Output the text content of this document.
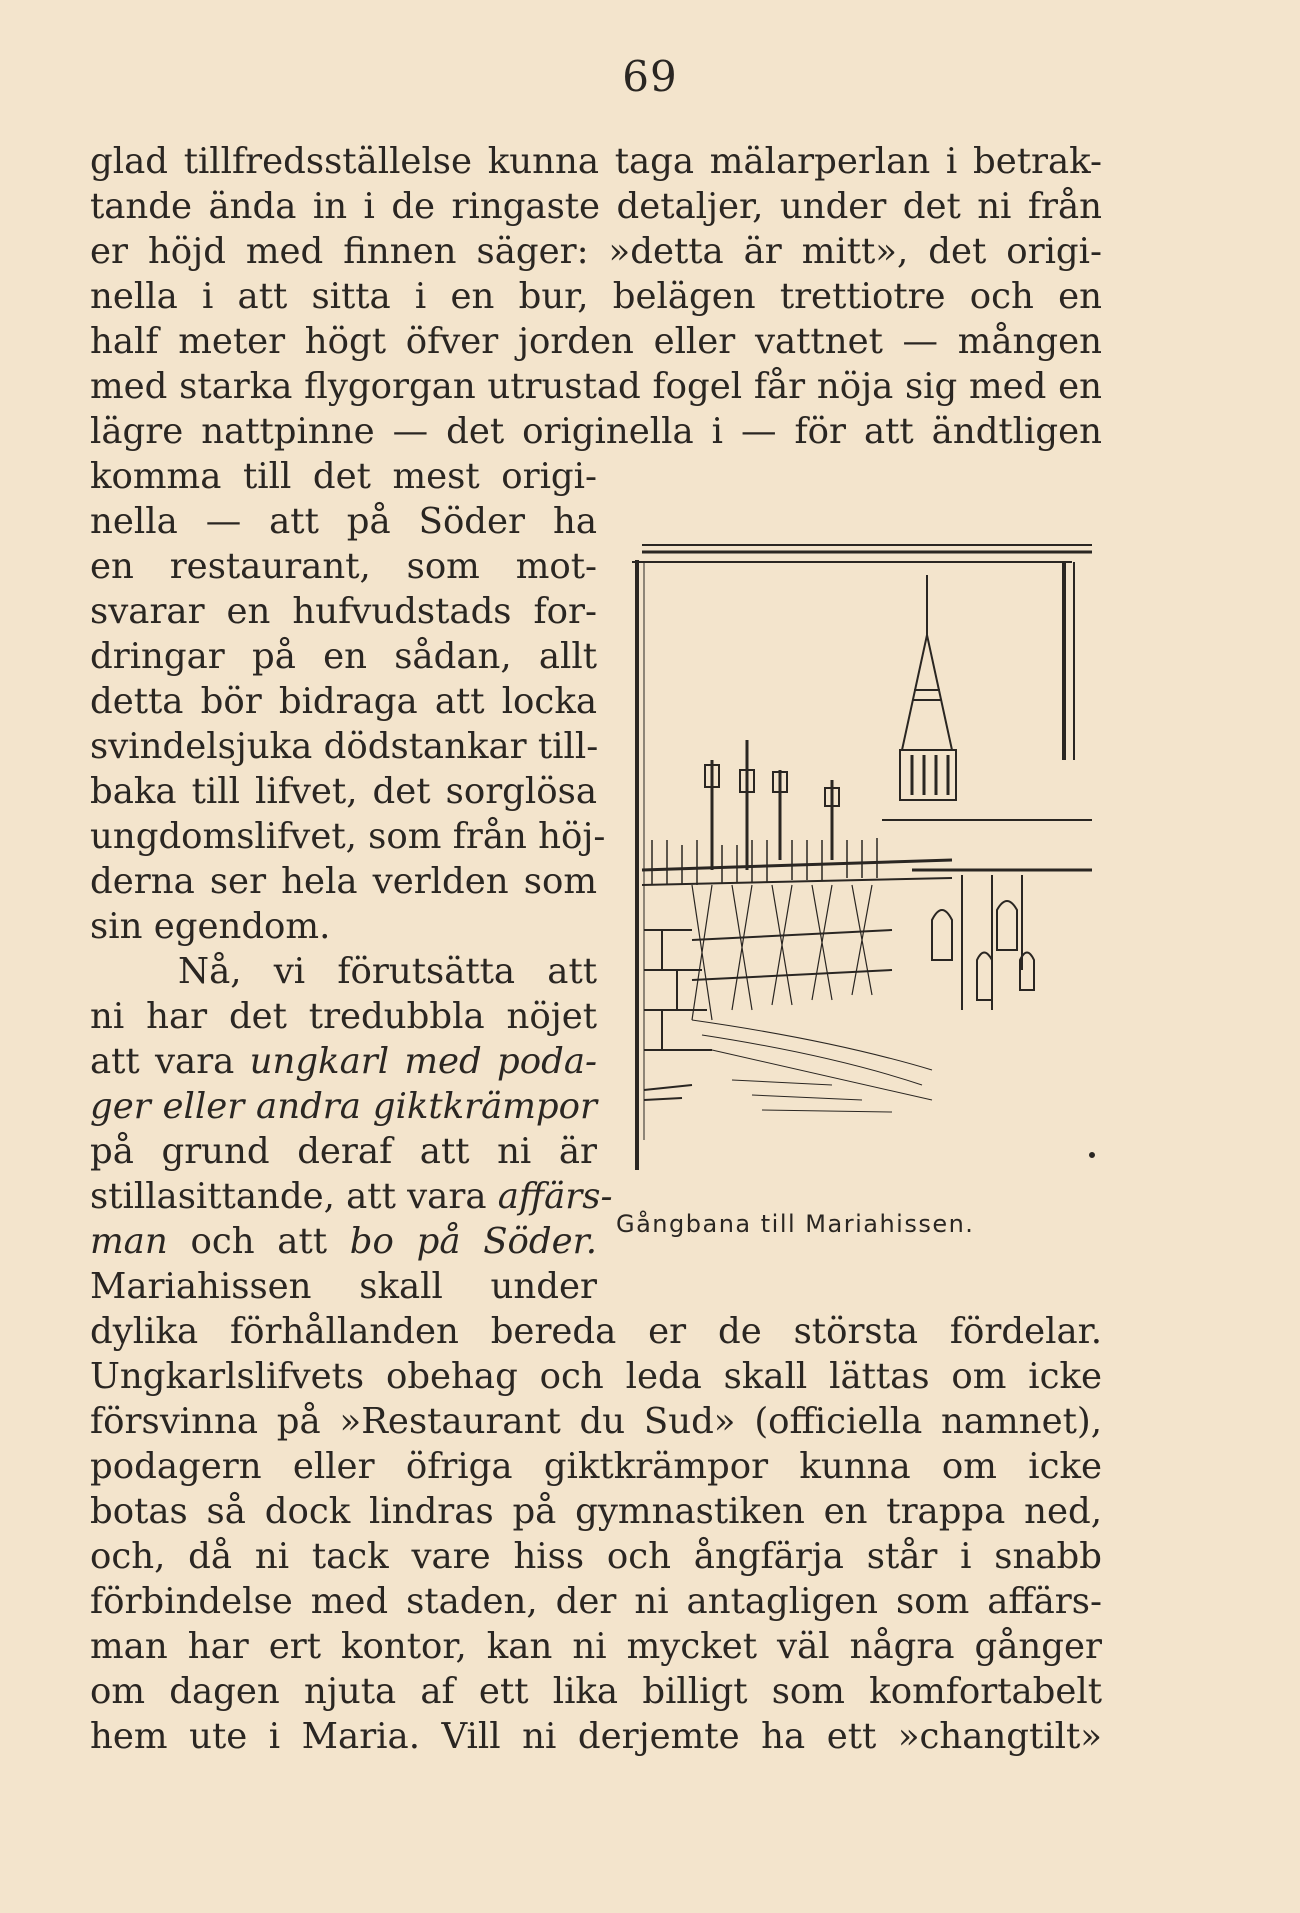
69
glad tillfredsställelse kunna taga mälarperlan i betrak-
tande ända in i de ringaste detaljer, under det ni från
er höjd med finnen säger: »detta är mitt», det origi-
nella i att sitta i en bur, belägen trettiotre och en
half meter högt öfver jorden eller vattnet — mången
med starka flygorgan utrustad fogel får nöja sig med en
lägre nattpinne — det originella i — för att ändtligen
komma till det mest origi-
nella — att på Söder ha
en restaurant, som mot-
svarar en hufvudstads for-
dringar på en sådan, allt
detta bör bidraga att locka
svindelsjuka dödstankar till-
baka till lifvet, det sorglösa
ungdomslifvet, som från höj-
derna ser hela verlden som
sin egendom.
Nå, vi förutsätta att
ni har det tredubbla nöjet
att vara ungkarl med poda-
ger eller andra giktkrämpor
på grund deraf att ni är
stillasittande, att vara affärs-
man och att bo på Söder.
Mariahissen skall under
dylika förhållanden bereda er de största fördelar.
Ungkarlslifvets obehag och leda skall lättas om icke
försvinna på »Restaurant du Sud» (officiella namnet),
podagern eller öfriga giktkrämpor kunna om icke
botas så dock lindras på gymnastiken en trappa ned,
och, då ni tack vare hiss och ångfärja står i snabb
förbindelse med staden, der ni antagligen som affärs-
man har ert kontor, kan ni mycket väl några gånger
om dagen njuta af ett lika billigt som komfortabelt
hem ute i Maria. Vill ni derjemte ha ett »changtilt»
Gångbana till Mariahissen.
